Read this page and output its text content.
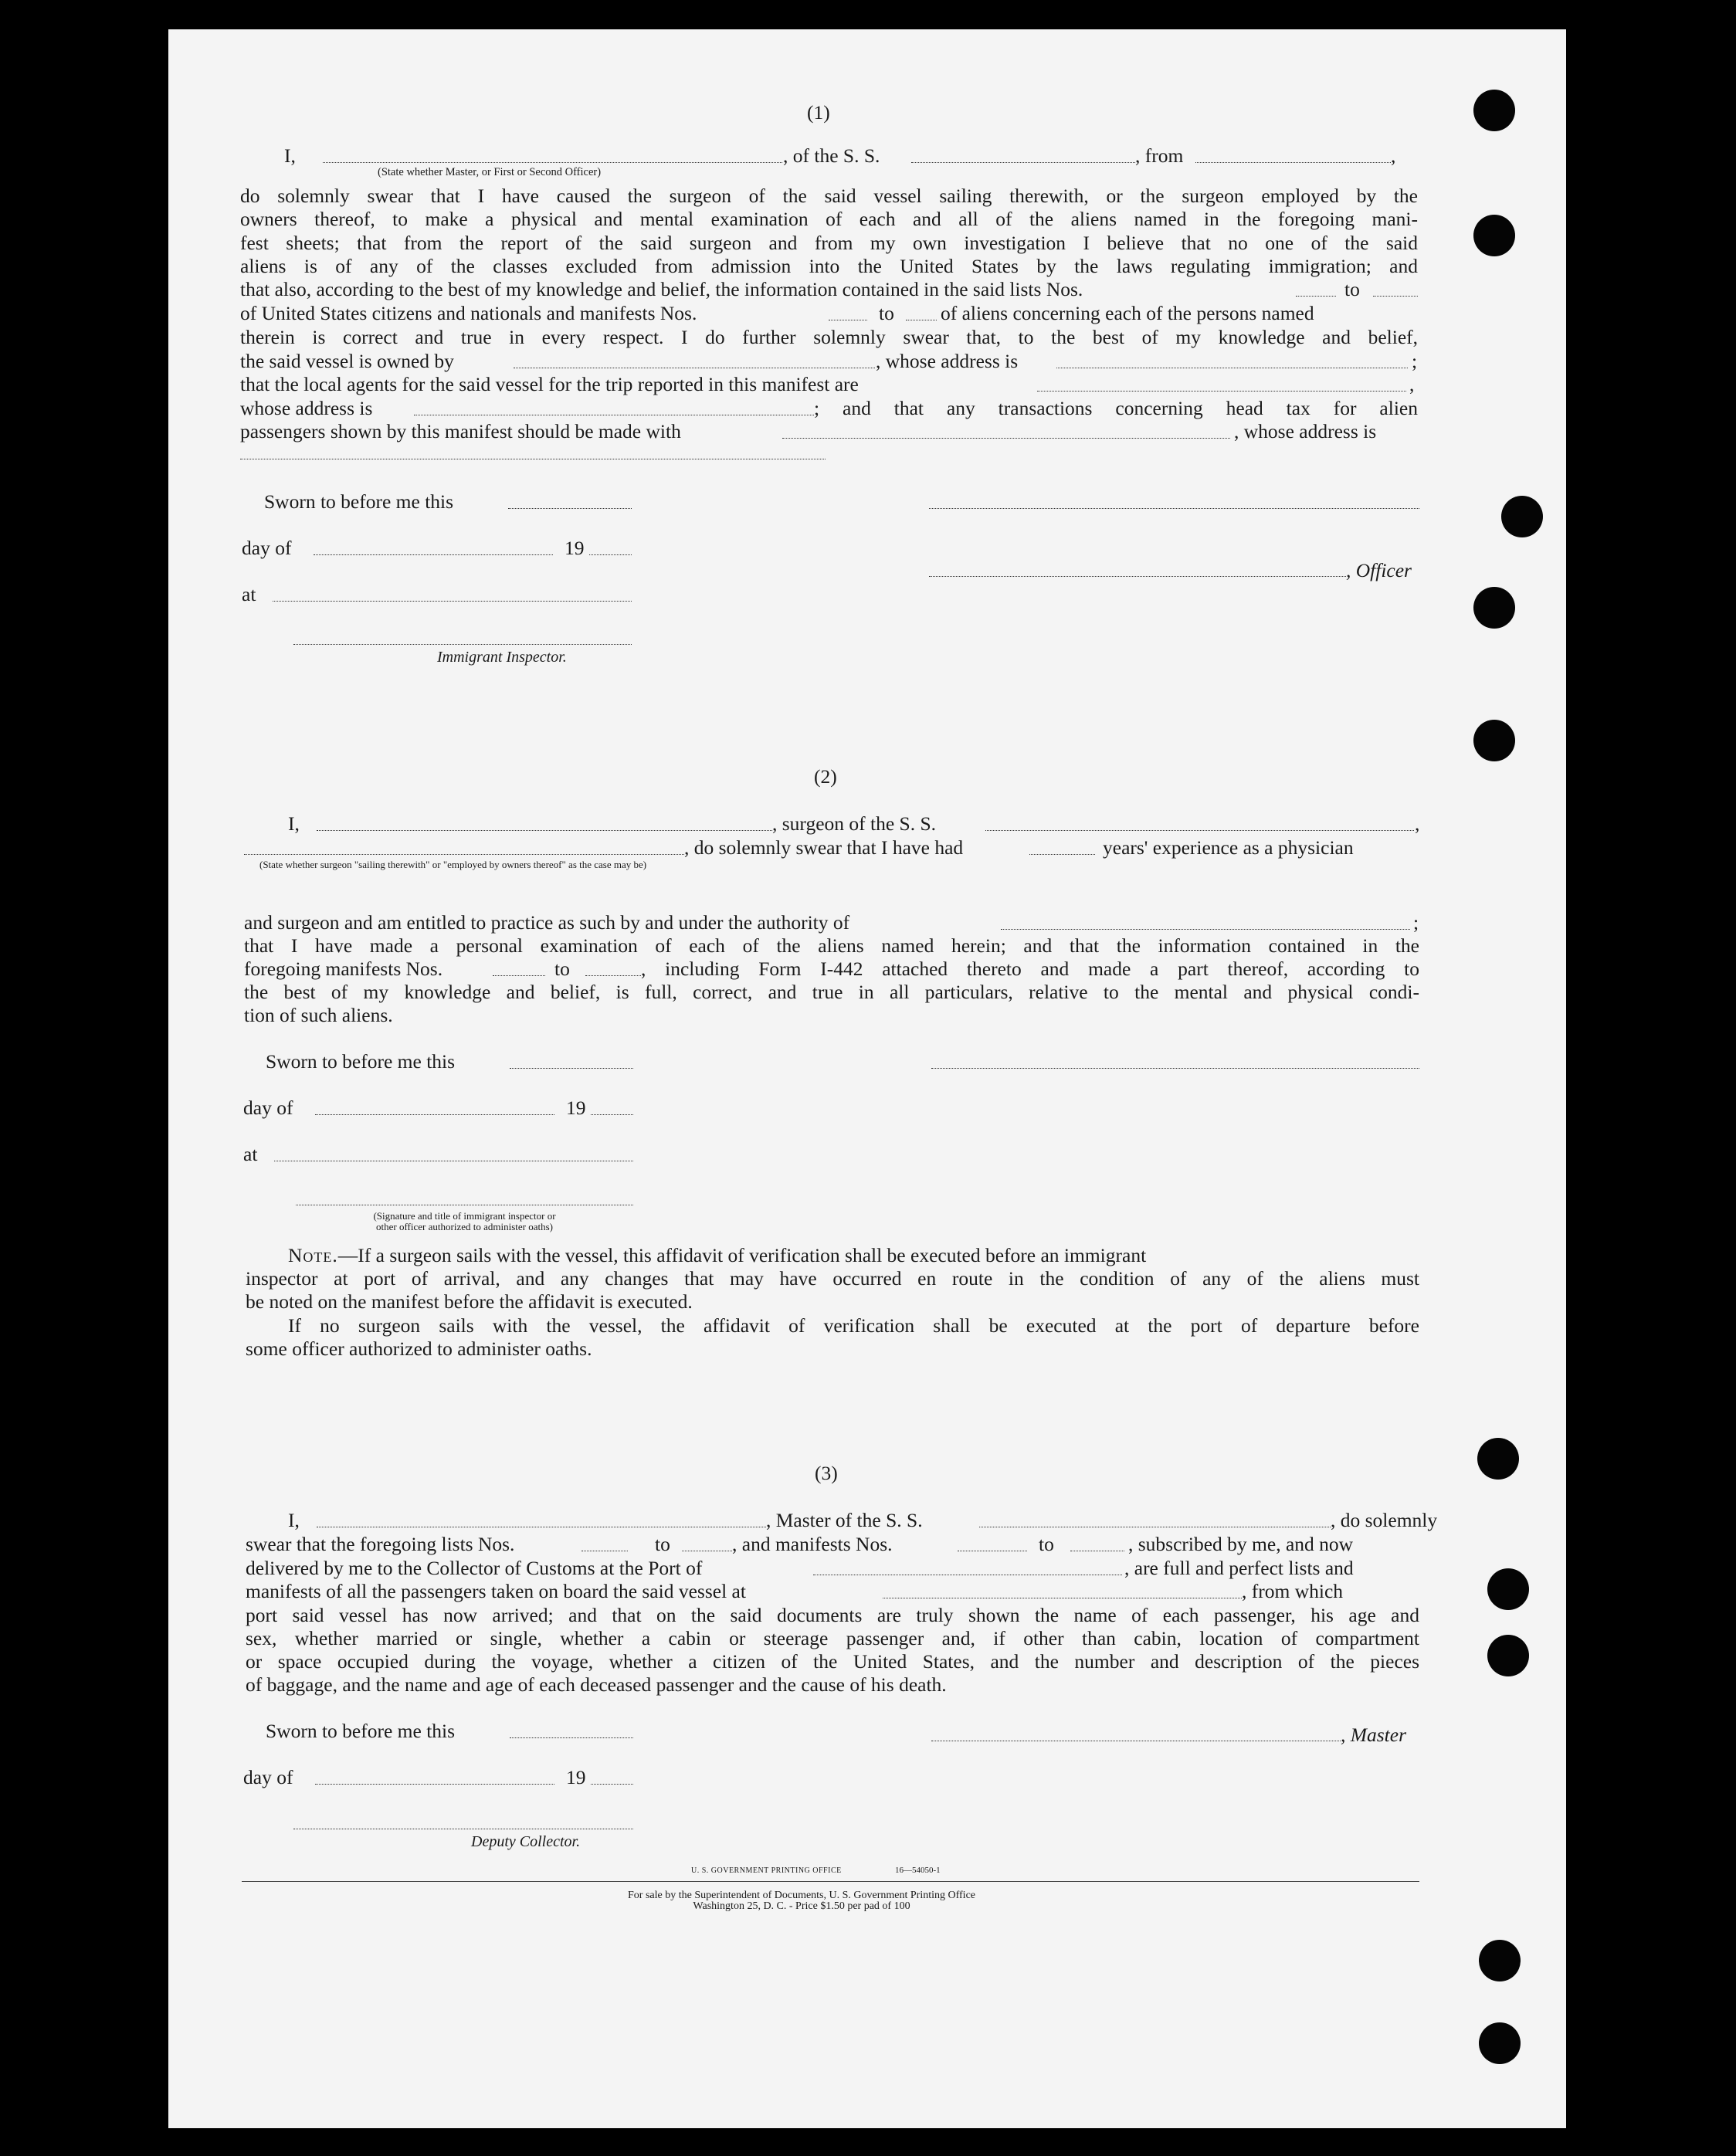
(1)
I,	, of the S. S.	, from	,
(State whether Master, or First or Second Officer)
do solemnly swear that I have caused the surgeon of the said vessel sailing therewith, or the surgeon employed by the
owners thereof, to make a physical and mental examination of each and all of the aliens named in the foregoing mani-
fest sheets; that from the report of the said surgeon and from my own investigation I believe that no one of the said
aliens is of any of the classes excluded from admission into the United States by the laws regulating immigration; and
that also, according to the best of my knowledge and belief, the information contained in the said lists Nos.	to
of United States citizens and nationals and manifests Nos.	to of aliens concerning each of the persons named
therein is correct and true in every respect. I do further solemnly swear that, to the best of my knowledge and belief,
the said vessel is owned by	, whose address is	;
that the local agents for the said vessel for the trip reported in this manifest are	,
whose address is	; and that any transactions concerning head tax for alien
passengers shown by this manifest should be made with	, whose address is
Sworn to before me this
day of	19
at
Immigrant Inspector.
, Officer
(2)
I,	, surgeon of the S. S.	,
, do solemnly swear that I have had	years' experience as a physician
(State whether surgeon "sailing therewith" or "employed by owners thereof" as the case may be)
and surgeon and am entitled to practice as such by and under the authority of	;
that I have made a personal examination of each of the aliens named herein; and that the information contained in the
foregoing manifests Nos.	to	, including Form I-442 attached thereto and made a part thereof, according to
the best of my knowledge and belief, is full, correct, and true in all particulars, relative to the mental and physical condi-
tion of such aliens.
Sworn to before me this
day of	19
at
(Signature and title of immigrant inspector or
other officer authorized to administer oaths)
Note.—If a surgeon sails with the vessel, this affidavit of verification shall be executed before an immigrant
inspector at port of arrival, and any changes that may have occurred en route in the condition of any of the aliens must
be noted on the manifest before the affidavit is executed.
If no surgeon sails with the vessel, the affidavit of verification shall be executed at the port of departure before
some officer authorized to administer oaths.
(3)
I,	, Master of the S. S.	, do solemnly
swear that the foregoing lists Nos.	to	, and manifests Nos.	to	, subscribed by me, and now
delivered by me to the Collector of Customs at the Port of	, are full and perfect lists and
manifests of all the passengers taken on board the said vessel at	, from which
port said vessel has now arrived; and that on the said documents are truly shown the name of each passenger, his age and
sex, whether married or single, whether a cabin or steerage passenger and, if other than cabin, location of compartment
or space occupied during the voyage, whether a citizen of the United States, and the number and description of the pieces
of baggage, and the name and age of each deceased passenger and the cause of his death.
Sworn to before me this
day of	19
Deputy Collector.
, Master
U. S. GOVERNMENT PRINTING OFFICE	16—54050-1
For sale by the Superintendent of Documents, U. S. Government Printing Office
Washington 25, D. C. - Price $1.50 per pad of 100
